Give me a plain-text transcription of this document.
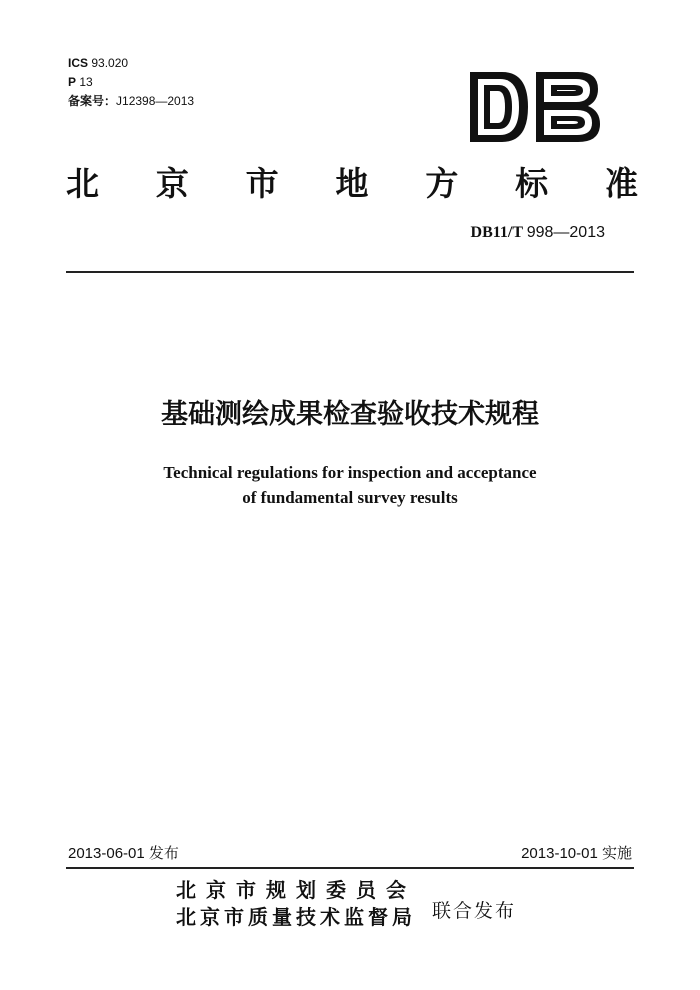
ICS 93.020
P 13
备案号：J12398—2013
北 京 市 地 方 标 准
DB11/T 998—2013
基础测绘成果检查验收技术规程
Technical regulations for inspection and acceptance
of fundamental survey results
2013-06-01 发布	2013-10-01 实施
北京市规划委员会
北京市质量技术监督局 联合发布
